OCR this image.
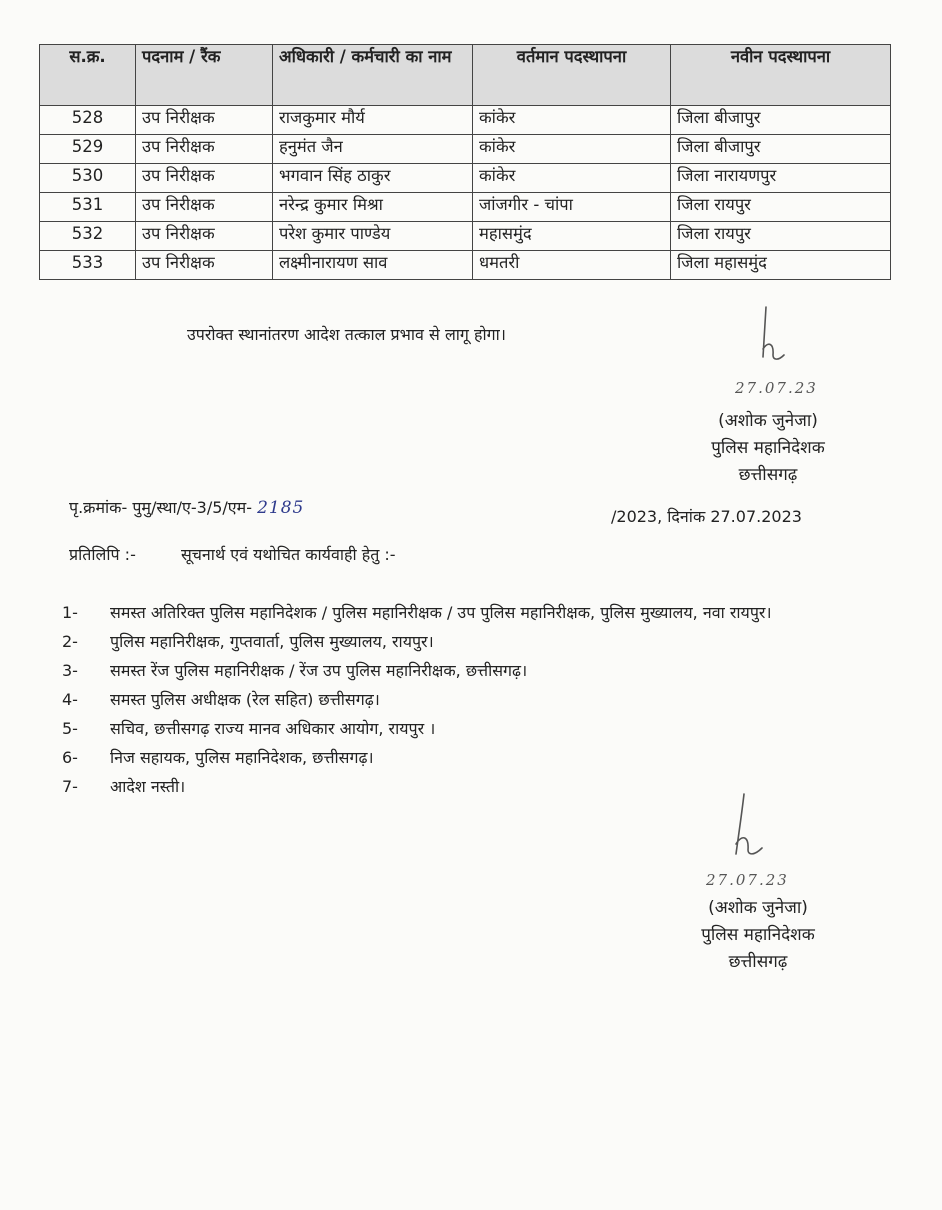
स.क्र.	पदनाम / रैंक	अधिकारी / कर्मचारी का नाम	वर्तमान पदस्थापना	नवीन पदस्थापना
528	उप निरीक्षक	राजकुमार मौर्य	कांकेर	जिला बीजापुर
529	उप निरीक्षक	हनुमंत जैन	कांकेर	जिला बीजापुर
530	उप निरीक्षक	भगवान सिंह ठाकुर	कांकेर	जिला नारायणपुर
531	उप निरीक्षक	नरेन्द्र कुमार मिश्रा	जांजगीर - चांपा	जिला रायपुर
532	उप निरीक्षक	परेश कुमार पाण्डेय	महासमुंद	जिला रायपुर
533	उप निरीक्षक	लक्ष्मीनारायण साव	धमतरी	जिला महासमुंद
उपरोक्त स्थानांतरण आदेश तत्काल प्रभाव से लागू होगा।
27.07.23
(अशोक जुनेजा)
पुलिस महानिदेशक
छत्तीसगढ़
पृ.क्रमांक- पुमु/स्था/ए-3/5/एम- 2185	/2023, दिनांक 27.07.2023
प्रतिलिपि :-	सूचनार्थ एवं यथोचित कार्यवाही हेतु :-
1-	समस्त अतिरिक्त पुलिस महानिदेशक / पुलिस महानिरीक्षक / उप पुलिस महानिरीक्षक, पुलिस मुख्यालय, नवा रायपुर।
2-	पुलिस महानिरीक्षक, गुप्तवार्ता, पुलिस मुख्यालय, रायपुर।
3-	समस्त रेंज पुलिस महानिरीक्षक / रेंज उप पुलिस महानिरीक्षक, छत्तीसगढ़।
4-	समस्त पुलिस अधीक्षक (रेल सहित) छत्तीसगढ़।
5-	सचिव, छत्तीसगढ़ राज्य मानव अधिकार आयोग, रायपुर ।
6-	निज सहायक, पुलिस महानिदेशक, छत्तीसगढ़।
7-	आदेश नस्ती।
27.07.23
(अशोक जुनेजा)
पुलिस महानिदेशक
छत्तीसगढ़
